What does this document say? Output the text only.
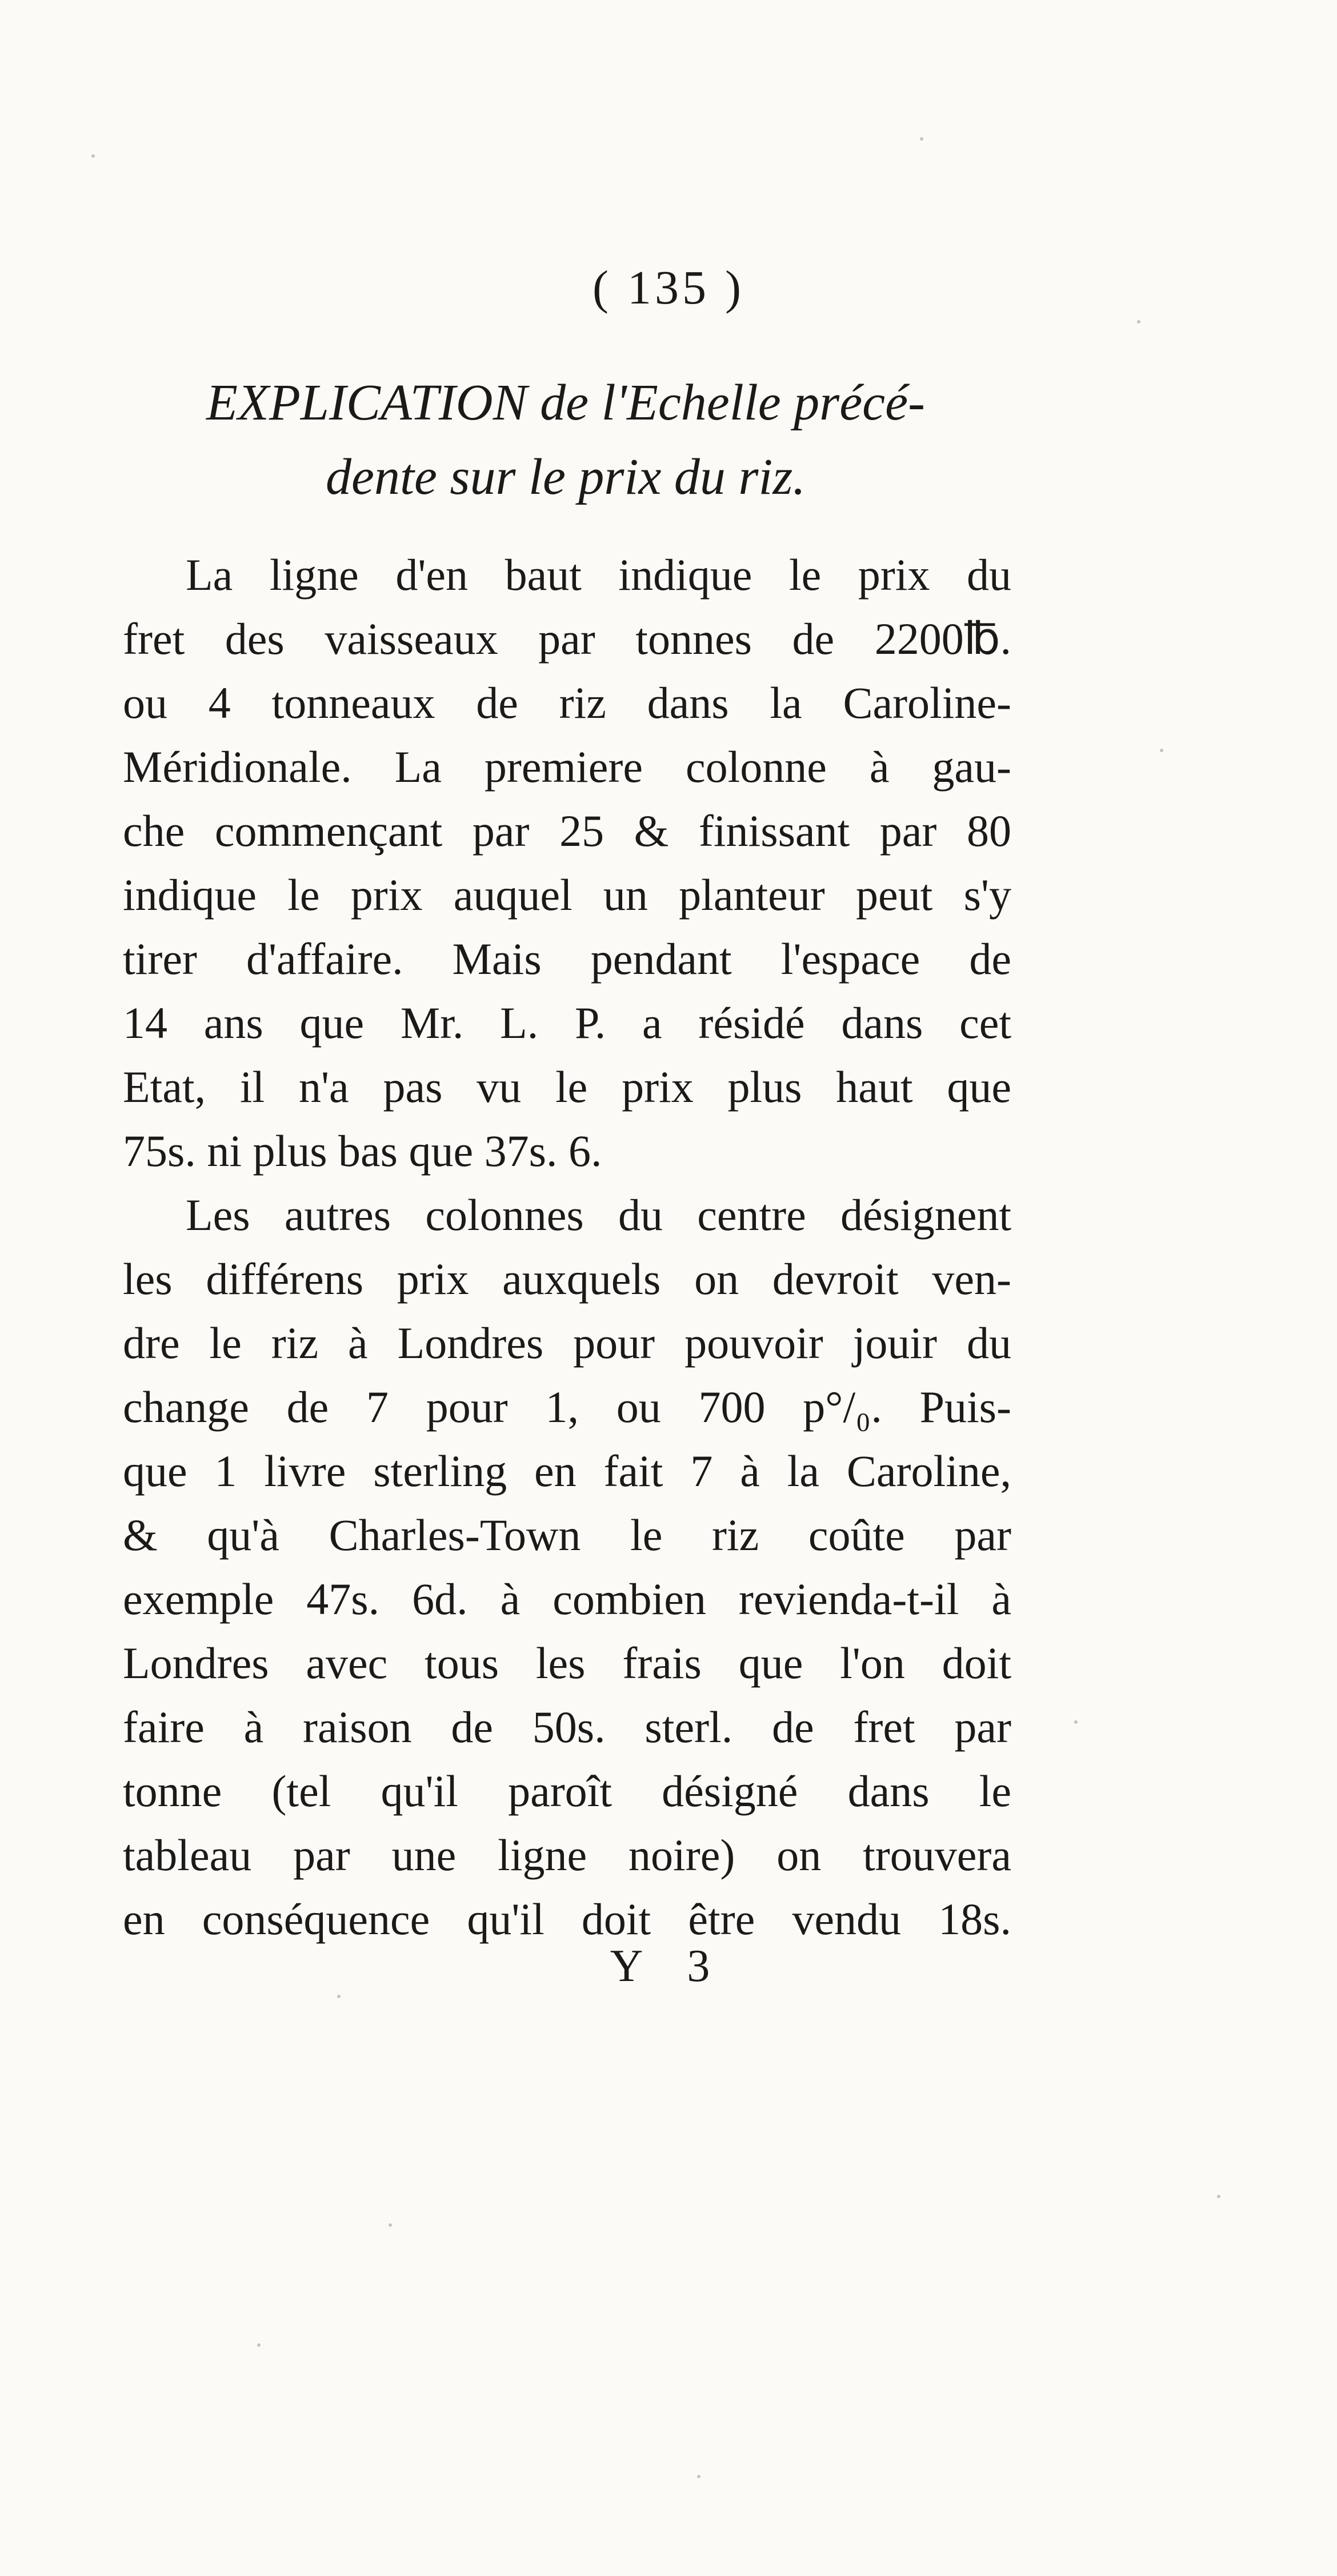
( 135 )
EXPLICATION de l'Echelle précé-
dente sur le prix du riz.
La ligne d'en baut indique le prix du
fret des vaisseaux par tonnes de 2200℔.
ou 4 tonneaux de riz dans la Caroline-
Méridionale. La premiere colonne à gau-
che commençant par 25 & finissant par 80
indique le prix auquel un planteur peut s'y
tirer d'affaire. Mais pendant l'espace de
14 ans que Mr. L. P. a résidé dans cet
Etat, il n'a pas vu le prix plus haut que
75s. ni plus bas que 37s. 6.
Les autres colonnes du centre désignent
les différens prix auxquels on devroit ven-
dre le riz à Londres pour pouvoir jouir du
change de 7 pour 1, ou 700 p°/₀. Puis-
que 1 livre sterling en fait 7 à la Caroline,
& qu'à Charles-Town le riz coûte par
exemple 47s. 6d. à combien revienda-t-il à
Londres avec tous les frais que l'on doit
faire à raison de 50s. sterl. de fret par
tonne (tel qu'il paroît désigné dans le
tableau par une ligne noire) on trouvera
en conséquence qu'il doit être vendu 18s.
Y 3
